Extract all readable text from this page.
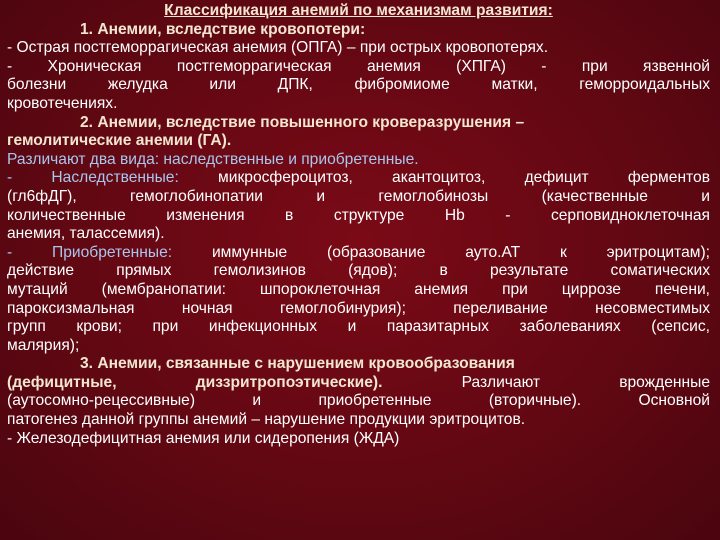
Классификация анемий по механизмам развития:
1. Анемии, вследствие кровопотери:
- Острая постгеморрагическая анемия (ОПГА) – при острых кровопотерях.
- Хроническая постгеморрагическая анемия (ХПГА) - при язвенной
болезни желудка или ДПК, фибромиоме матки, геморроидальных
кровотечениях.
2. Анемии, вследствие повышенного кроверазрушения –
гемолитические анемии (ГА).
Различают два вида: наследственные и приобретенные.
- Наследственные:	микросфероцитоз, акантоцитоз, дефицит ферментов
(гл6фДГ), гемоглобинопатии и гемоглобинозы (качественные и
количественные изменения в структуре Hb - серповидноклеточная
анемия, талассемия).
- Приобретенные:	иммунные (образование ауто.АТ к эритроцитам);
действие прямых гемолизинов (ядов); в результате соматических
мутаций (мембранопатии: шпороклеточная анемия при циррозе печени,
пароксизмальная ночная гемоглобинурия); переливание несовместимых
групп крови; при инфекционных и паразитарных заболеваниях (сепсис,
малярия);
3. Анемии, связанные с нарушением кровообразования
(дефицитные, диззритропоэтические).	Различают врожденные
(аутосомно-рецессивные) и приобретенные (вторичные). Основной
патогенез данной группы анемий – нарушение продукции эритроцитов.
- Железодефицитная анемия или сидеропения (ЖДА)
